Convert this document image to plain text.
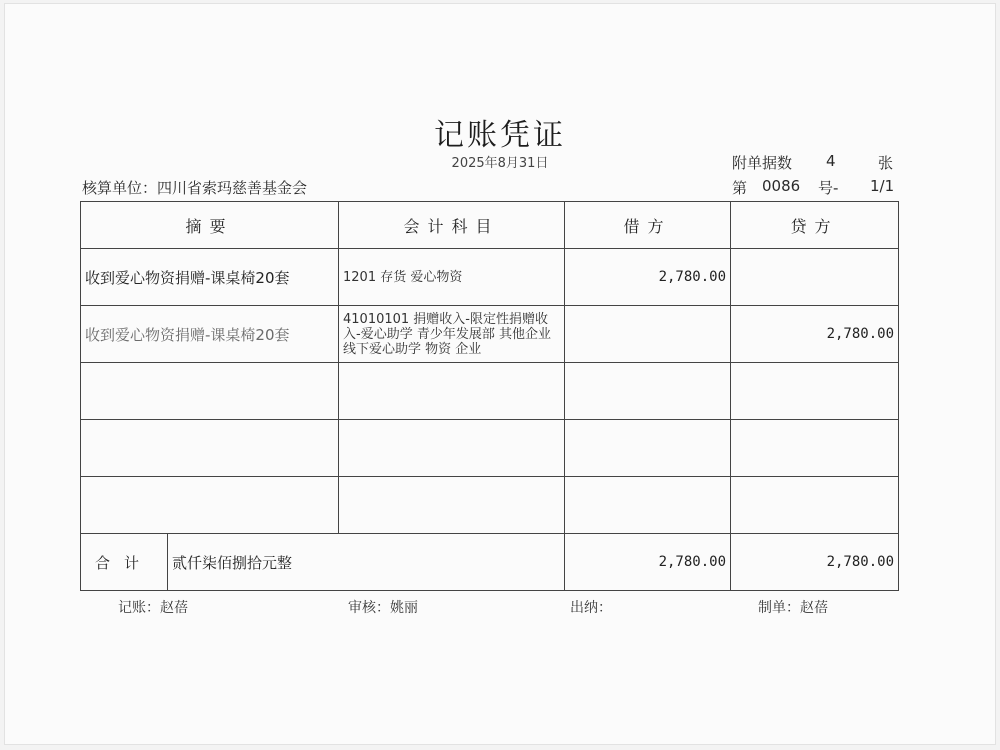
记账凭证
2025年8月31日	附单据数 4	张
核算单位：四川省索玛慈善基金会	第 0086 号- 1/1
摘要	会计科目	借方	贷方
收到爱心物资捐赠-课桌椅20套	1201 存货 爱心物资	2,780.00	
收到爱心物资捐赠-课桌椅20套	41010101 捐赠收入-限定性捐赠收入-爱心助学 青少年发展部 其他企业 线下爱心助学 物资 企业		2,780.00

合计 贰仟柒佰捌拾元整		2,780.00	2,780.00
记账：赵蓓	审核：姚丽	出纳：	制单：赵蓓
